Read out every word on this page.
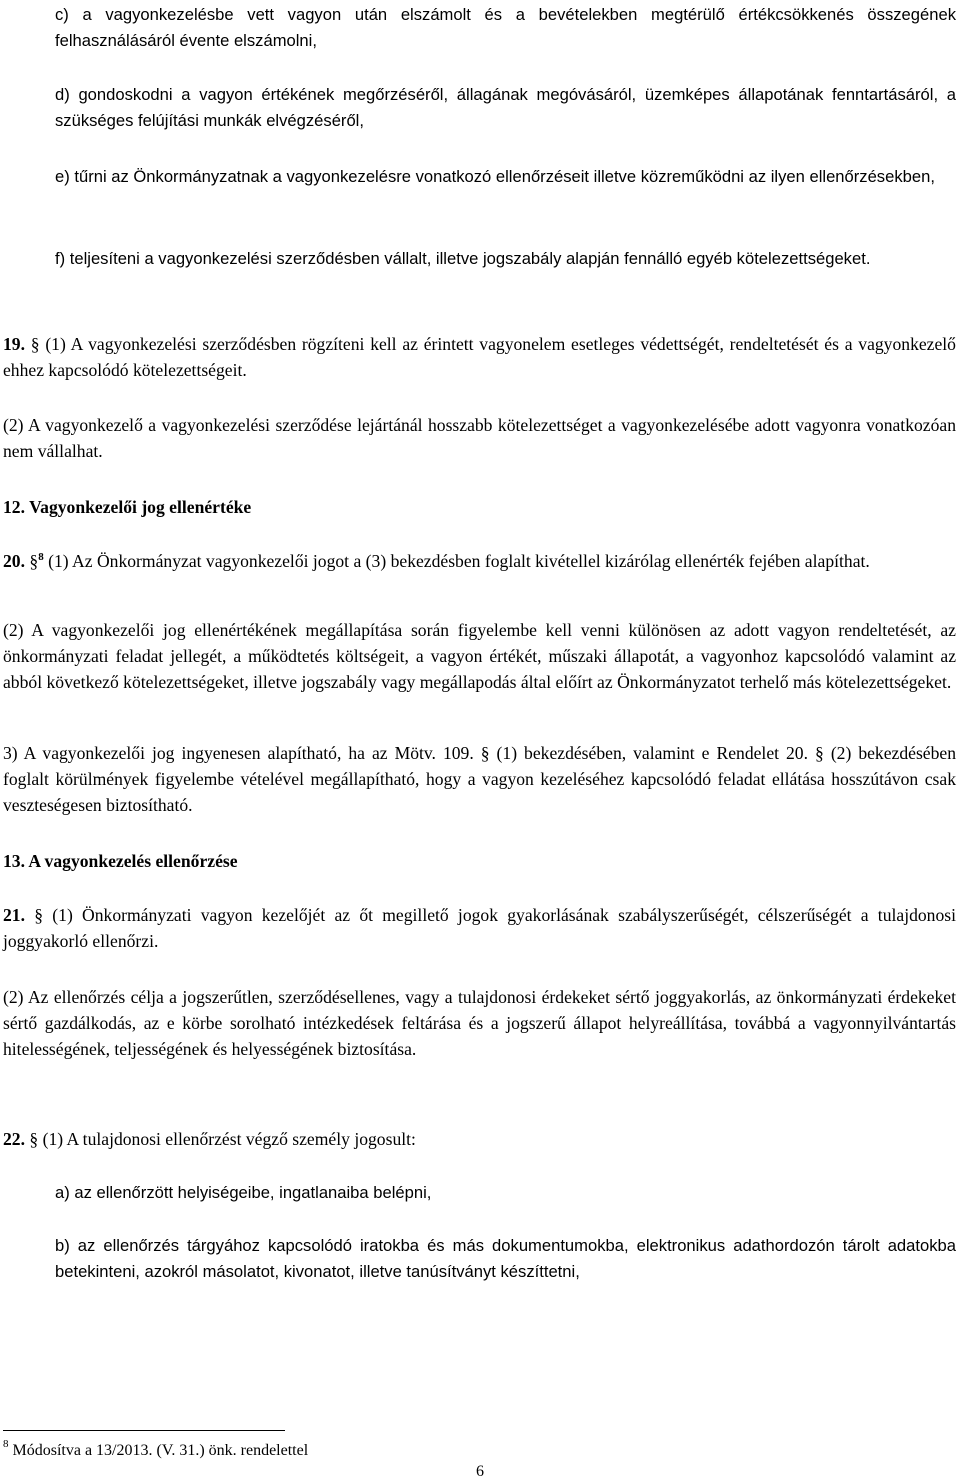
c) a vagyonkezelésbe vett vagyon után elszámolt és a bevételekben megtérülő értékcsökkenés összegének felhasználásáról évente elszámolni,

d) gondoskodni a vagyon értékének megőrzéséről, állagának megóvásáról, üzemképes állapotának fenntartásáról, a szükséges felújítási munkák elvégzéséről,

e) tűrni az Önkormányzatnak a vagyonkezelésre vonatkozó ellenőrzéseit illetve közreműködni az ilyen ellenőrzésekben,

f) teljesíteni a vagyonkezelési szerződésben vállalt, illetve jogszabály alapján fennálló egyéb kötelezettségeket.

19. § (1) A vagyonkezelési szerződésben rögzíteni kell az érintett vagyonelem esetleges védettségét, rendeltetését és a vagyonkezelő ehhez kapcsolódó kötelezettségeit.

(2) A vagyonkezelő a vagyonkezelési szerződése lejártánál hosszabb kötelezettséget a vagyonkezelésébe adott vagyonra vonatkozóan nem vállalhat.

12. Vagyonkezelői jog ellenértéke

20. §$^8$ (1) Az Önkormányzat vagyonkezelői jogot a (3) bekezdésben foglalt kivétellel kizárólag ellenérték fejében alapíthat.

(2) A vagyonkezelői jog ellenértékének megállapítása során figyelembe kell venni különösen az adott vagyon rendeltetését, az önkormányzati feladat jellegét, a működtetés költségeit, a vagyon értékét, műszaki állapotát, a vagyonhoz kapcsolódó valamint az abból következő kötelezettségeket, illetve jogszabály vagy megállapodás által előírt az Önkormányzatot terhelő más kötelezettségeket.

3) A vagyonkezelői jog ingyenesen alapítható, ha az Mötv. 109. § (1) bekezdésében, valamint e Rendelet 20. § (2) bekezdésében foglalt körülmények figyelembe vételével megállapítható, hogy a vagyon kezeléséhez kapcsolódó feladat ellátása hosszútávon csak veszteségesen biztosítható.

13. A vagyonkezelés ellenőrzése

21. § (1) Önkormányzati vagyon kezelőjét az őt megillető jogok gyakorlásának szabályszerűségét, célszerűségét a tulajdonosi joggyakorló ellenőrzi.

(2) Az ellenőrzés célja a jogszerűtlen, szerződésellenes, vagy a tulajdonosi érdekeket sértő joggyakorlás, az önkormányzati érdekeket sértő gazdálkodás, az e körbe sorolható intézkedések feltárása és a jogszerű állapot helyreállítása, továbbá a vagyonnyilvántartás hitelességének, teljességének és helyességének biztosítása.

22. § (1) A tulajdonosi ellenőrzést végző személy jogosult:

a) az ellenőrzött helyiségeibe, ingatlanaiba belépni,

b) az ellenőrzés tárgyához kapcsolódó iratokba és más dokumentumokba, elektronikus adathordozón tárolt adatokba betekinteni, azokról másolatot, kivonatot, illetve tanúsítványt készíttetni,

$^8$ Módosítva a 13/2013. (V. 31.) önk. rendelettel

6
